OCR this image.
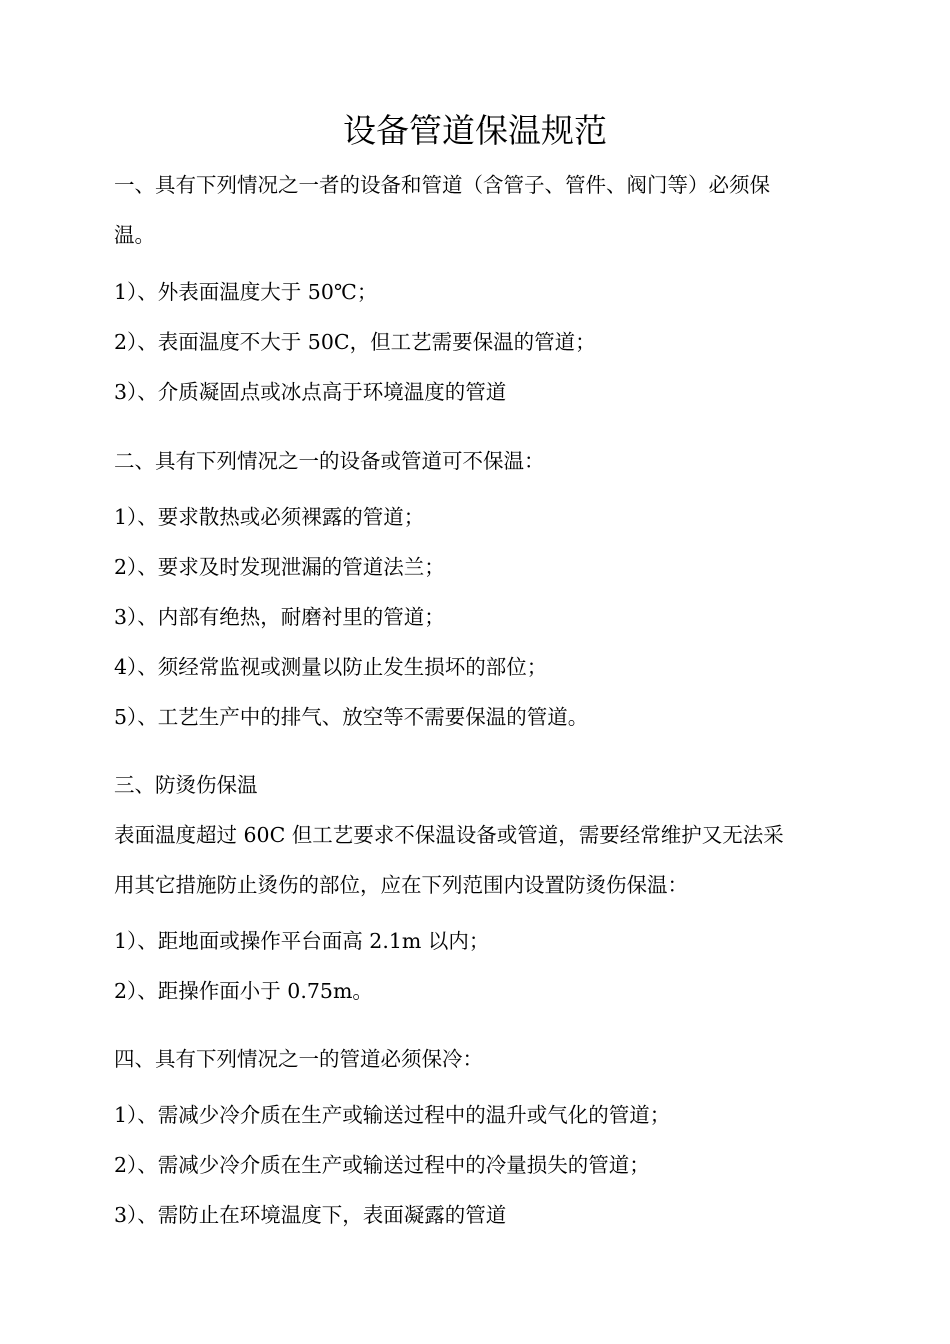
设备管道保温规范
一、具有下列情况之一者的设备和管道（含管子、管件、阀门等）必须保
温。
1）、外表面温度大于 50℃；
2）、表面温度不大于 50C，但工艺需要保温的管道；
3）、介质凝固点或冰点高于环境温度的管道
二、具有下列情况之一的设备或管道可不保温：
1）、要求散热或必须裸露的管道；
2）、要求及时发现泄漏的管道法兰；
3）、内部有绝热，耐磨衬里的管道；
4）、须经常监视或测量以防止发生损坏的部位；
5）、工艺生产中的排气、放空等不需要保温的管道。
三、防烫伤保温
表面温度超过 60C 但工艺要求不保温设备或管道，需要经常维护又无法采
用其它措施防止烫伤的部位，应在下列范围内设置防烫伤保温：
1）、距地面或操作平台面高 2.1m 以内；
2）、距操作面小于 0.75m。
四、具有下列情况之一的管道必须保冷：
1）、需减少冷介质在生产或输送过程中的温升或气化的管道；
2）、需减少冷介质在生产或输送过程中的冷量损失的管道；
3）、需防止在环境温度下，表面凝露的管道
